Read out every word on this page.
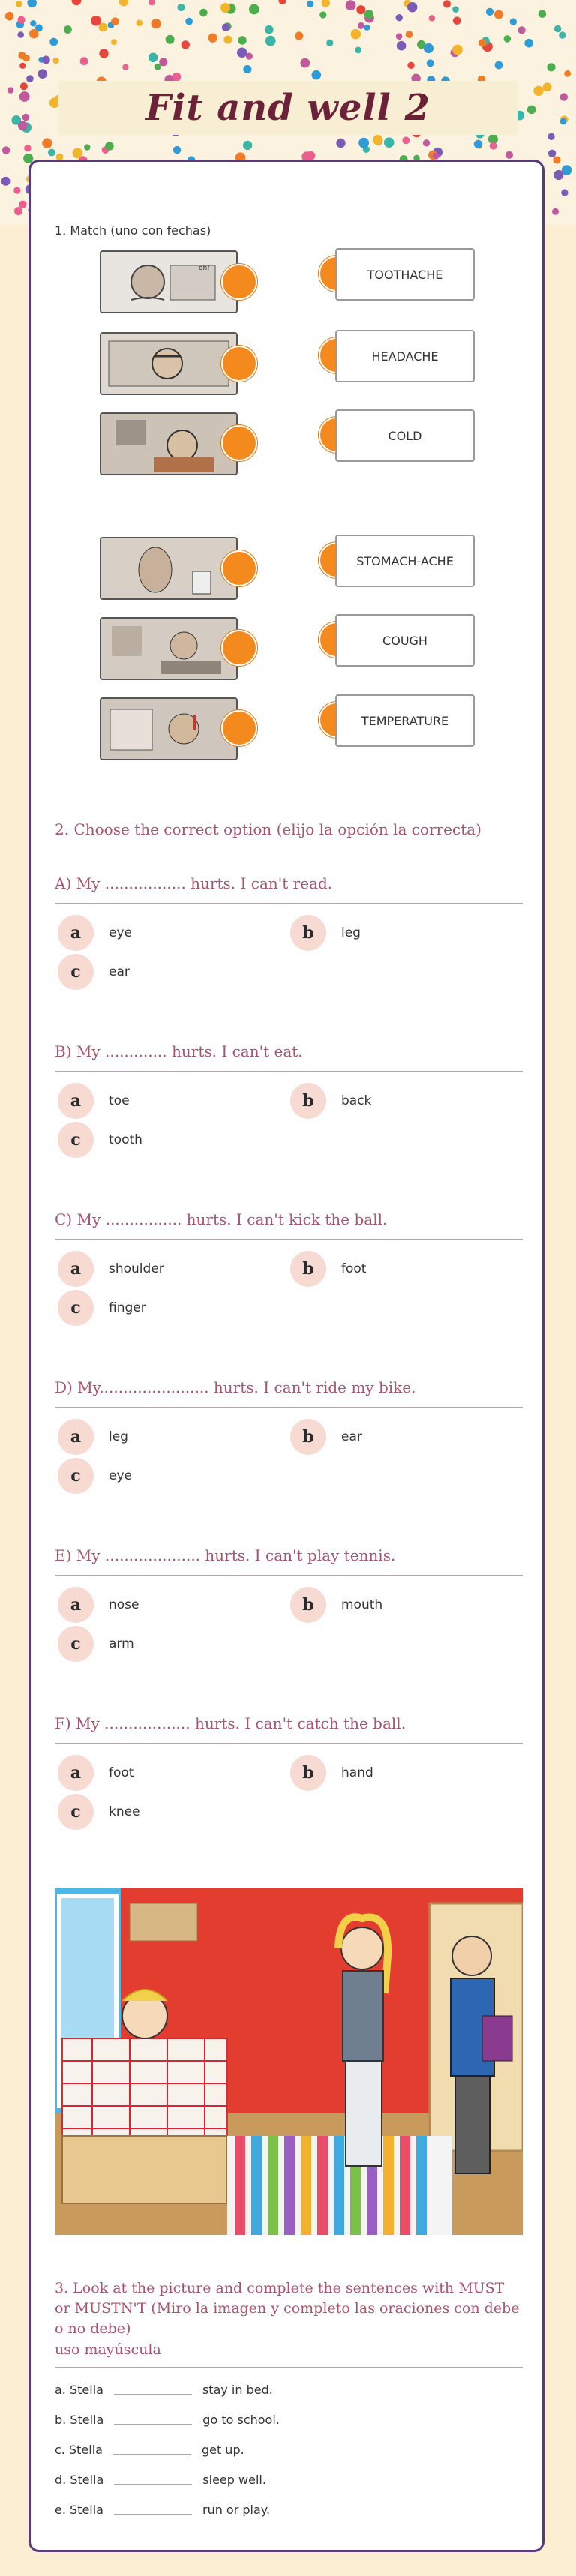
Fit and well 2
1. Match (uno con fechas)
oh!	TOOTHACHE
HEADACHE
COLD
STOMACH-ACHE
COUGH
TEMPERATURE
2. Choose the correct option (elijo la opción la correcta)
A) My ................. hurts. I can't read.
a	eye	b	leg
c	ear
B) My ............. hurts. I can't eat.
a	toe	b	back
c	tooth
C) My ................ hurts. I can't kick the ball.
a	shoulder	b	foot
c	finger
D) My....................... hurts. I can't ride my bike.
a	leg	b	ear
c	eye
E) My .................... hurts. I can't play tennis.
a	nose	b	mouth
c	arm
F) My .................. hurts. I can't catch the ball.
a	foot	b	hand
c	knee
3. Look at the picture and complete the sentences with MUST or MUSTN'T (Miro la imagen y completo las oraciones con debe o no debe)
uso mayúscula
a. Stella	stay in bed.
b. Stella	go to school.
c. Stella	get up.
d. Stella	sleep well.
e. Stella	run or play.
